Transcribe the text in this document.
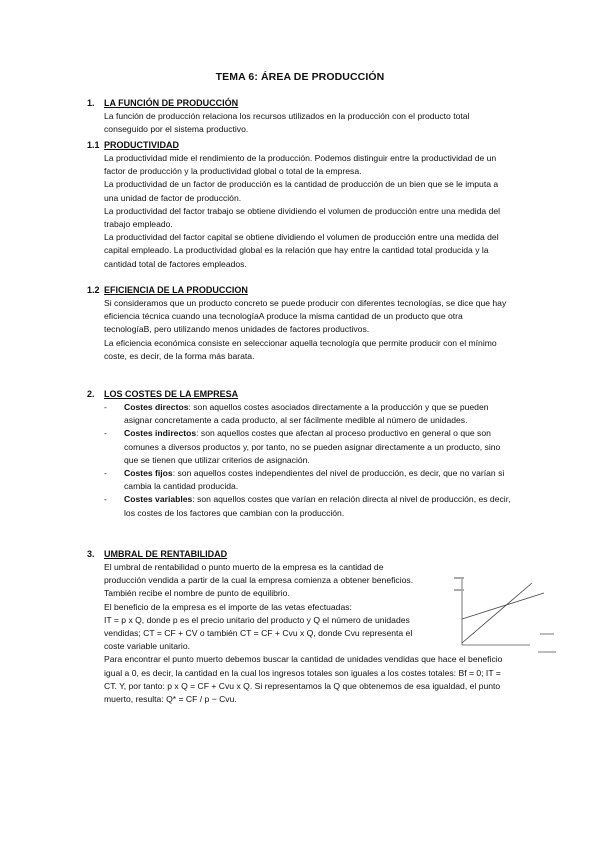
TEMA 6: ÁREA DE PRODUCCIÓN
1. LA FUNCIÓN DE PRODUCCIÓN

La función de producción relaciona los recursos utilizados en la producción con el producto total conseguido por el sistema productivo.

1.1 PRODUCTIVIDAD

La productividad mide el rendimiento de la producción. Podemos distinguir entre la productividad de un factor de producción y la productividad global o total de la empresa.

La productividad de un factor de producción es la cantidad de producción de un bien que se le imputa a una unidad de factor de producción.

La productividad del factor trabajo se obtiene dividiendo el volumen de producción entre una medida del trabajo empleado.

La productividad del factor capital se obtiene dividiendo el volumen de producción entre una medida del capital empleado. La productividad global es la relación que hay entre la cantidad total producida y la cantidad total de factores empleados.

1.2 EFICIENCIA DE LA PRODUCCION

Si consideramos que un producto concreto se puede producir con diferentes tecnologías, se dice que hay eficiencia técnica cuando una tecnologíaA produce la misma cantidad de un producto que otra tecnologíaB, pero utilizando menos unidades de factores productivos.

La eficiencia económica consiste en seleccionar aquella tecnología que permite producir con el mínimo coste, es decir, de la forma más barata.

2. LOS COSTES DE LA EMPRESA
- Costes directos: son aquellos costes asociados directamente a la producción y que se pueden asignar concretamente a cada producto, al ser fácilmente medible al número de unidades.
- Costes indirectos: son aquellos costes que afectan al proceso productivo en general o que son comunes a diversos productos y, por tanto, no se pueden asignar directamente a un producto, sino que se tienen que utilizar criterios de asignación.
- Costes fijos: son aquellos costes independientes del nivel de producción, es decir, que no varían si cambia la cantidad producida.
- Costes variables: son aquellos costes que varían en relación directa al nivel de producción, es decir, los costes de los factores que cambian con la producción.
3. UMBRAL DE RENTABILIDAD

El umbral de rentabilidad o punto muerto de la empresa es la cantidad de producción vendida a partir de la cual la empresa comienza a obtener beneficios. También recibe el nombre de punto de equilibrio.

El beneficio de la empresa es el importe de las vetas efectuadas:

IT = p x Q, donde p es el precio unitario del producto y Q el número de unidades vendidas; CT = CF + CV o también CT = CF + Cvu x Q, donde Cvu representa el coste variable unitario.

Para encontrar el punto muerto debemos buscar la cantidad de unidades vendidas que hace el beneficio igual a 0, es decir, la cantidad en la cual los ingresos totales son iguales a los costes totales: Bf = 0; IT = CT. Y, por tanto: p x Q = CF + Cvu x Q. Si representamos la Q que obtenemos de esa igualdad, el punto muerto, resulta: Q* = CF / p − Cvu.
